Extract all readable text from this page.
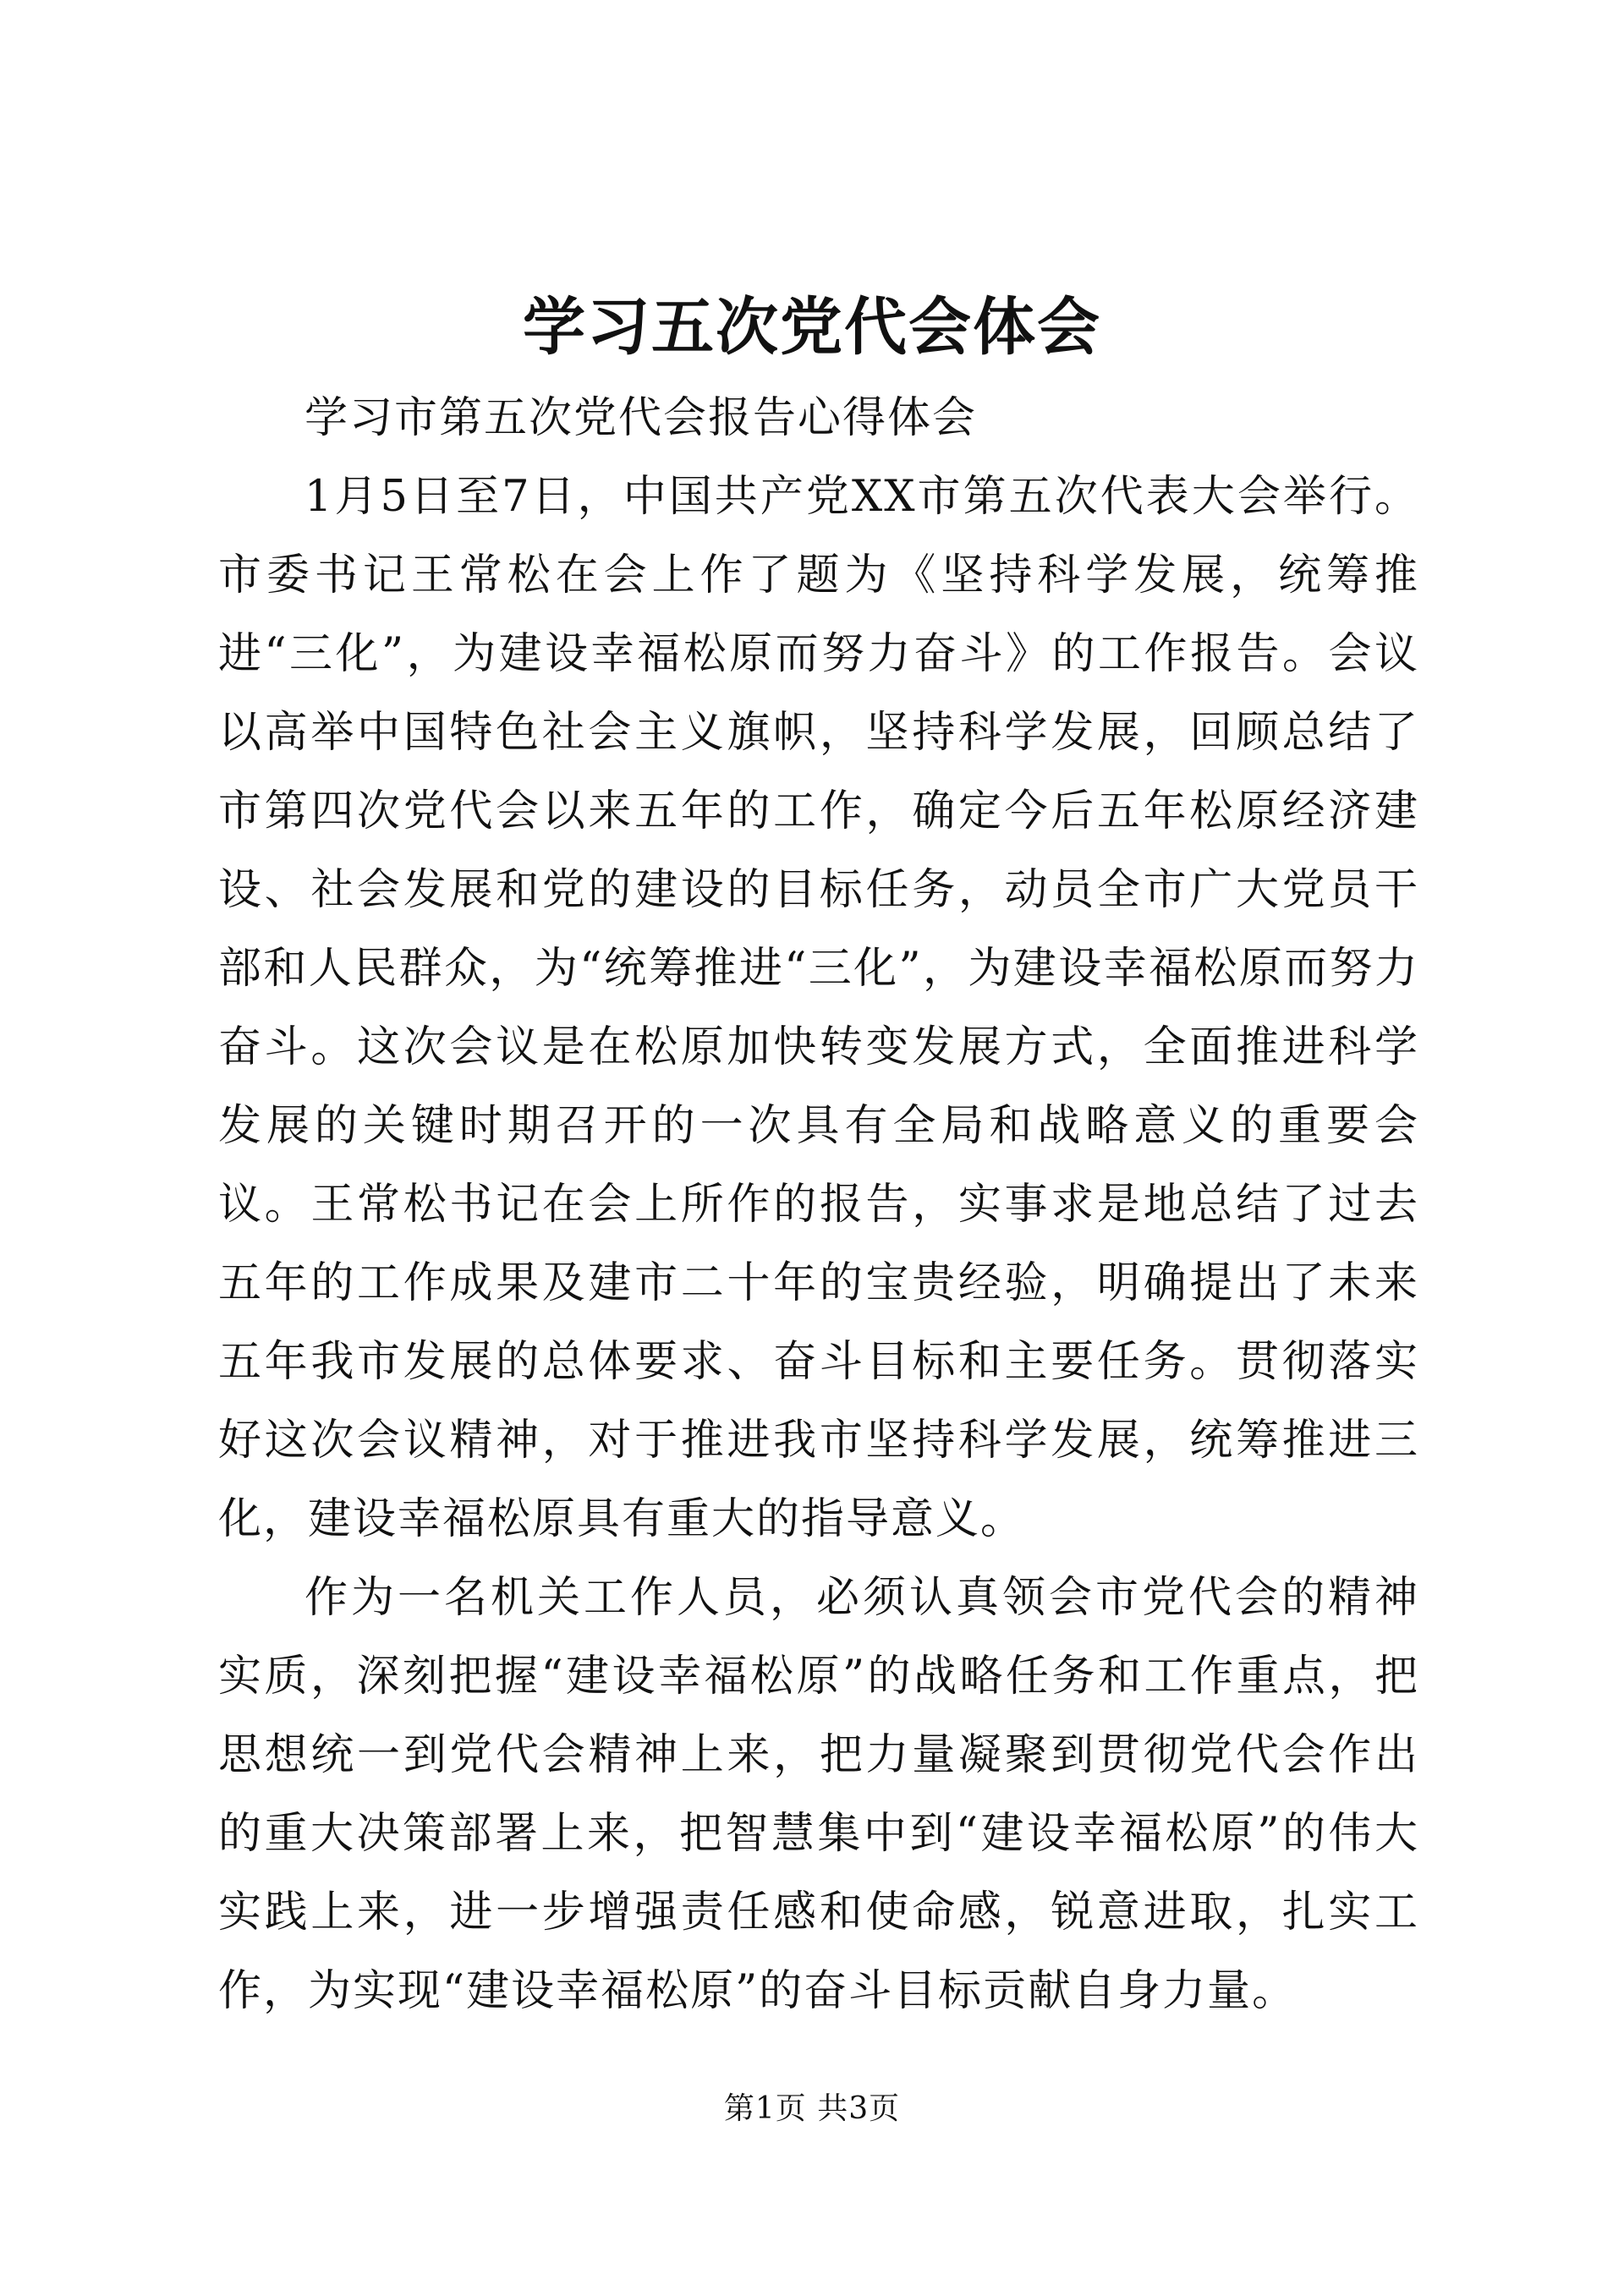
学习五次党代会体会

学习市第五次党代会报告心得体会

1月5日至7日，中国共产党XX市第五次代表大会举行。市委书记王常松在会上作了题为《坚持科学发展，统筹推进“三化”，为建设幸福松原而努力奋斗》的工作报告。会议以高举中国特色社会主义旗帜，坚持科学发展，回顾总结了市第四次党代会以来五年的工作，确定今后五年松原经济建设、社会发展和党的建设的目标任务，动员全市广大党员干部和人民群众，为“统筹推进“三化”，为建设幸福松原而努力奋斗。这次会议是在松原加快转变发展方式，全面推进科学发展的关键时期召开的一次具有全局和战略意义的重要会议。王常松书记在会上所作的报告，实事求是地总结了过去五年的工作成果及建市二十年的宝贵经验，明确提出了未来五年我市发展的总体要求、奋斗目标和主要任务。贯彻落实好这次会议精神，对于推进我市坚持科学发展，统筹推进三化，建设幸福松原具有重大的指导意义。

作为一名机关工作人员，必须认真领会市党代会的精神实质，深刻把握“建设幸福松原”的战略任务和工作重点，把思想统一到党代会精神上来，把力量凝聚到贯彻党代会作出的重大决策部署上来，把智慧集中到“建设幸福松原”的伟大实践上来，进一步增强责任感和使命感，锐意进取，扎实工作，为实现“建设幸福松原”的奋斗目标贡献自身力量。

第1页 共3页
